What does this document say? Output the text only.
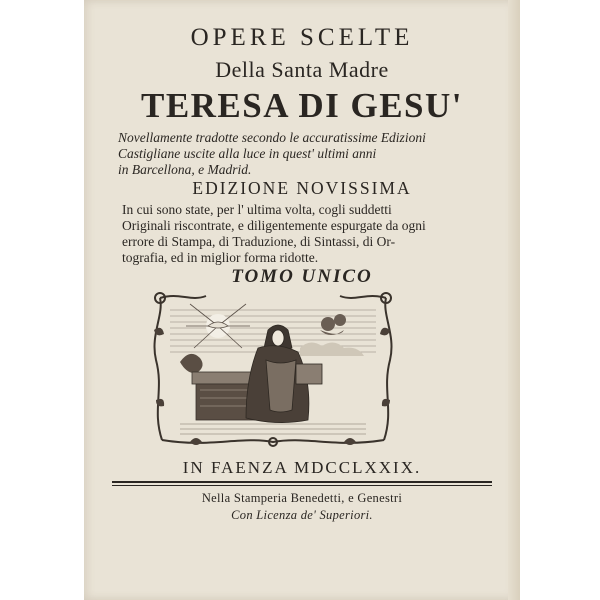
OPERE SCELTE
Della Santa Madre
TERESA DI GESU'
Novellamente tradotte secondo le accuratissime Edizioni
Castigliane uscite alla luce in quest' ultimi anni
in Barcellona, e Madrid.
EDIZIONE NOVISSIMA
In cui sono state, per l' ultima volta, cogli suddetti
Originali riscontrate, e diligentemente espurgate da ogni
errore di Stampa, di Traduzione, di Sintassi, di Or-
tografia, ed in miglior forma ridotte.
TOMO UNICO
IN FAENZA MDCCLXXIX.
Nella Stamperia Benedetti, e Genestri
Con Licenza de' Superiori.
